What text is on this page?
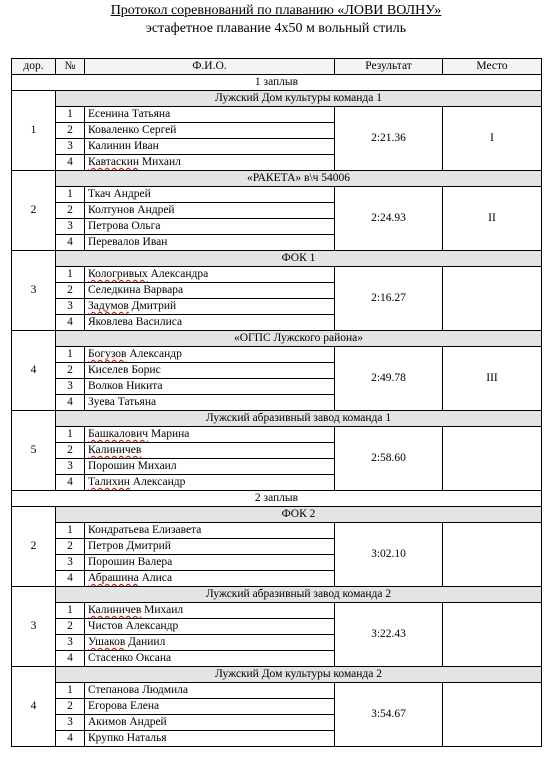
Протокол соревнований по плаванию «ЛОВИ ВОЛНУ»
эстафетное плавание 4х50 м вольный стиль
дор.	№	Ф.И.О.	Результат	Место
1 заплыв				
1	Лужский Дом культуры команда 1			
	1	Есенина Татьяна	2:21.36	I
	2	Коваленко Сергей		
	3	Калинин Иван		
	4	Кавтаскин Михаил		
2	«РАКЕТА» в\ч 54006			
	1	Ткач Андрей	2:24.93	II
	2	Колтунов Андрей		
	3	Петрова Ольга		
	4	Перевалов Иван		
3	ФОК 1			
	1	Кологривых Александра	2:16.27	
	2	Селедкина Варвара		
	3	Задумов Дмитрий		
	4	Яковлева Василиса		
4	«ОГПС Лужского района»			
	1	Богузов Александр	2:49.78	III
	2	Киселев Борис		
	3	Волков Никита		
	4	Зуева Татьяна		
5	Лужский абразивный завод команда 1			
	1	Башкалович Марина	2:58.60	
	2	Калиничев		
	3	Порошин Михаил		
	4	Талихин Александр		
2 заплыв				
2	ФОК 2			
	1	Кондратьева Елизавета	3:02.10	
	2	Петров Дмитрий		
	3	Порошин Валера		
	4	Абрашина Алиса		
3	Лужский абразивный завод команда 2			
	1	Калиничев Михаил	3:22.43	
	2	Чистов Александр		
	3	Ушаков Даниил		
	4	Стасенко Оксана		
4	Лужский Дом культуры команда 2			
	1	Степанова Людмила	3:54.67	
	2	Егорова Елена		
	3	Акимов Андрей		
	4	Крупко Наталья		
